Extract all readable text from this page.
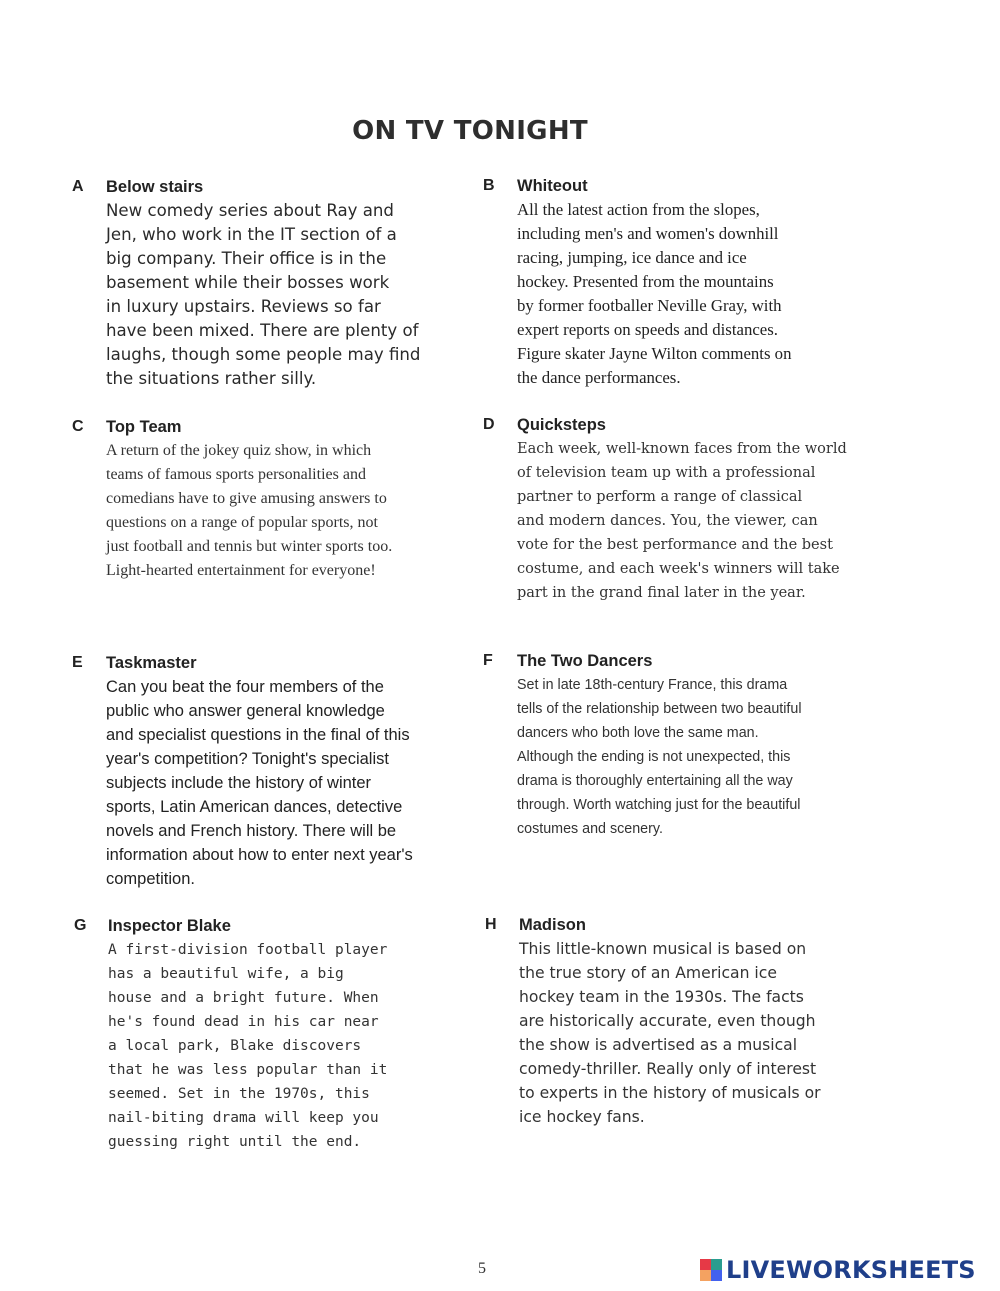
ON TV TONIGHT
A Below stairs
New comedy series about Ray and
Jen, who work in the IT section of a
big company. Their office is in the
basement while their bosses work
in luxury upstairs. Reviews so far
have been mixed. There are plenty of
laughs, though some people may find
the situations rather silly.
B Whiteout
All the latest action from the slopes,
including men's and women's downhill
racing, jumping, ice dance and ice
hockey. Presented from the mountains
by former footballer Neville Gray, with
expert reports on speeds and distances.
Figure skater Jayne Wilton comments on
the dance performances.
C Top Team
A return of the jokey quiz show, in which
teams of famous sports personalities and
comedians have to give amusing answers to
questions on a range of popular sports, not
just football and tennis but winter sports too.
Light-hearted entertainment for everyone!
D Quicksteps
Each week, well-known faces from the world
of television team up with a professional
partner to perform a range of classical
and modern dances. You, the viewer, can
vote for the best performance and the best
costume, and each week's winners will take
part in the grand final later in the year.
E Taskmaster
Can you beat the four members of the
public who answer general knowledge
and specialist questions in the final of this
year's competition? Tonight's specialist
subjects include the history of winter
sports, Latin American dances, detective
novels and French history. There will be
information about how to enter next year's
competition.
F The Two Dancers
Set in late 18th-century France, this drama
tells of the relationship between two beautiful
dancers who both love the same man.
Although the ending is not unexpected, this
drama is thoroughly entertaining all the way
through. Worth watching just for the beautiful
costumes and scenery.
G Inspector Blake
A first-division football player
has a beautiful wife, a big
house and a bright future. When
he's found dead in his car near
a local park, Blake discovers
that he was less popular than it
seemed. Set in the 1970s, this
nail-biting drama will keep you
guessing right until the end.
H Madison
This little-known musical is based on
the true story of an American ice
hockey team in the 1930s. The facts
are historically accurate, even though
the show is advertised as a musical
comedy-thriller. Really only of interest
to experts in the history of musicals or
ice hockey fans.
5	LIVEWORKSHEETS
